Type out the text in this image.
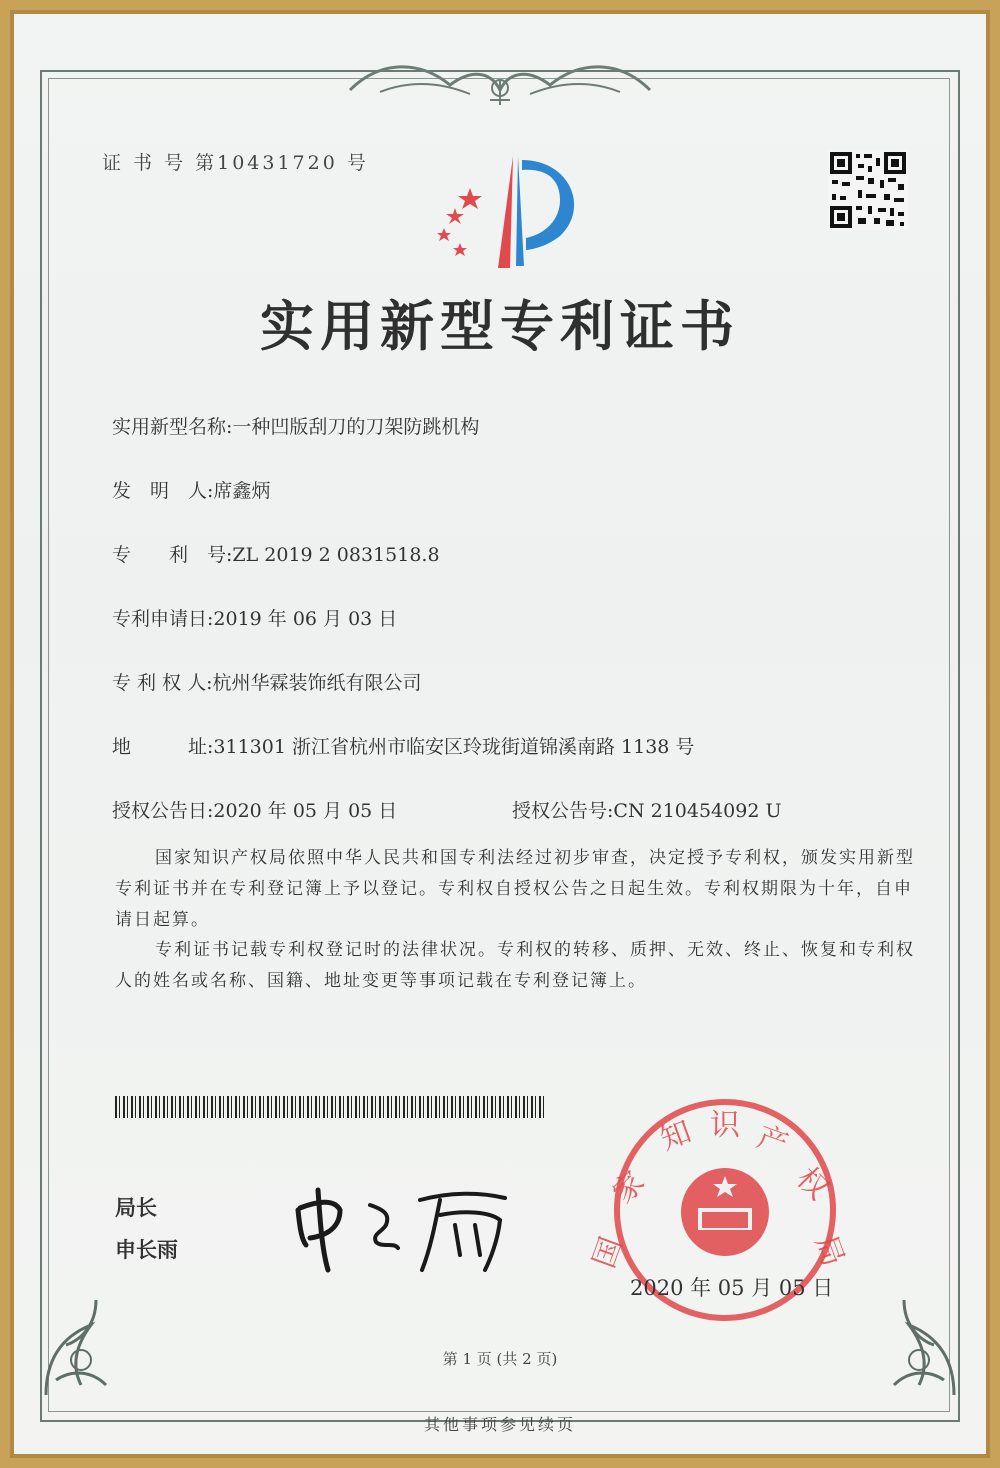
证 书 号 第10431720 号
实用新型专利证书
实用新型名称:一种凹版刮刀的刀架防跳机构
发　明　人:席鑫炳
专　　利　号:ZL 2019 2 0831518.8
专利申请日:2019 年 06 月 03 日
专 利 权 人:杭州华霖装饰纸有限公司
地　　　址:311301 浙江省杭州市临安区玲珑街道锦溪南路 1138 号
授权公告日:2020 年 05 月 05 日	授权公告号:CN 210454092 U
国家知识产权局依照中华人民共和国专利法经过初步审查，决定授予专利权，颁发实用新型专利证书并在专利登记簿上予以登记。专利权自授权公告之日起生效。专利权期限为十年，自申请日起算。
专利证书记载专利权登记时的法律状况。专利权的转移、质押、无效、终止、恢复和专利权人的姓名或名称、国籍、地址变更等事项记载在专利登记簿上。
局长
申长雨	国
家
知 识 产
权
局
2020 年 05 月 05 日
第 1 页 (共 2 页)
其他事项参见续页
